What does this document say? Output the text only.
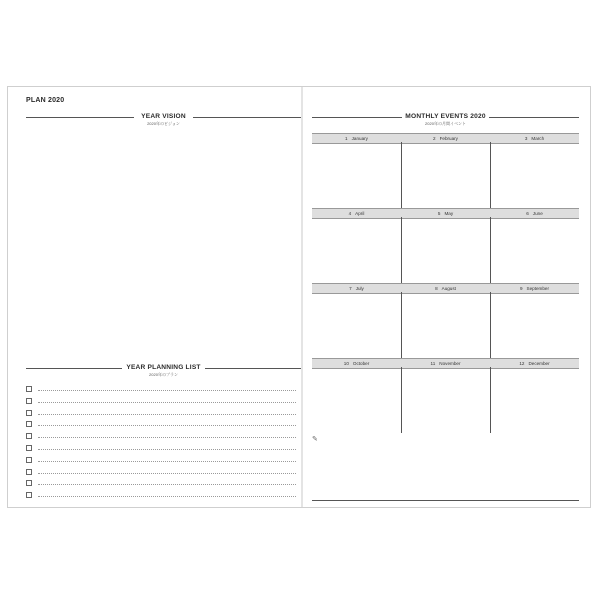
PLAN 2020
YEAR VISION
2020年のビジョン
YEAR PLANNING LIST
2020年のプラン
MONTHLY EVENTS 2020
2020年の月間イベント
1 January	2 February	3 March
4 April	5 May	6 June
7 July	8 August	9 September
10 October	11 November	12 December
✎
